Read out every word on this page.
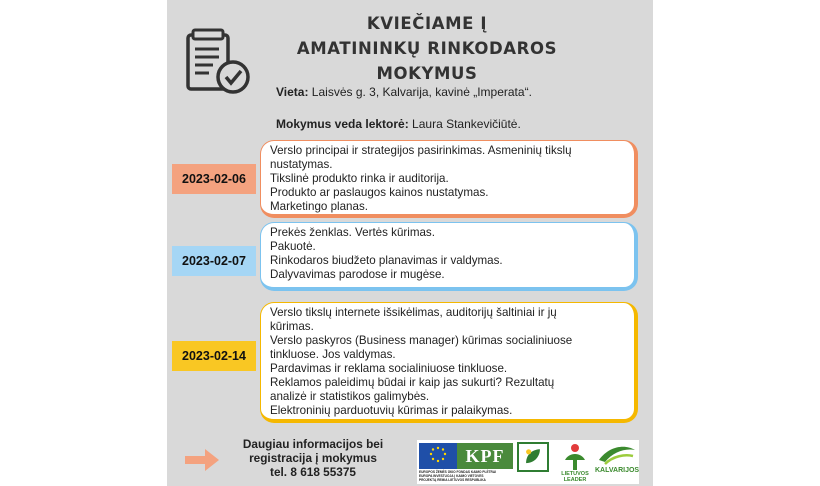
KVIEČIAME Į
AMATININKŲ RINKODAROS
MOKYMUS
Vieta: Laisvės g. 3, Kalvarija, kavinė „Imperata“.
Mokymus veda lektorė: Laura Stankevičiūtė.

Verslo principai ir strategijos pasirinkimas. Asmeninių tikslų

nustatymas.

Tikslinė produkto rinka ir auditorija.

Produkto ar paslaugos kainos nustatymas.

Marketingo planas.

2023-02-06

Prekės ženklas. Vertės kūrimas.

Pakuotė.

Rinkodaros biudžeto planavimas ir valdymas.

Dalyvavimas parodose ir mugėse.

2023-02-07

Verslo tikslų internete išsikėlimas, auditorijų šaltiniai ir jų

kūrimas.

Verslo paskyros (Business manager) kūrimas socialiniuose

tinkluose. Jos valdymas.

Pardavimas ir reklama socialiniuose tinkluose.

Reklamos paleidimų būdai ir kaip jas sukurti? Rezultatų

analizė ir statistikos galimybės.

Elektroninių parduotuvių kūrimas ir palaikymas.

2023-02-14
Daugiau informacijos bei
registracija į mokymus
tel. 8 618 55375
KPF
EUROPOS ŽEMĖS ŪKIO FONDAS KAIMO PLĖTRAI
EUROPA INVESTUOJA Į KAIMO VIETOVES
PROJEKTĄ REMIA LIETUVOS RESPUBLIKA
LIETUVOS LEADER
KALVARIJOS
